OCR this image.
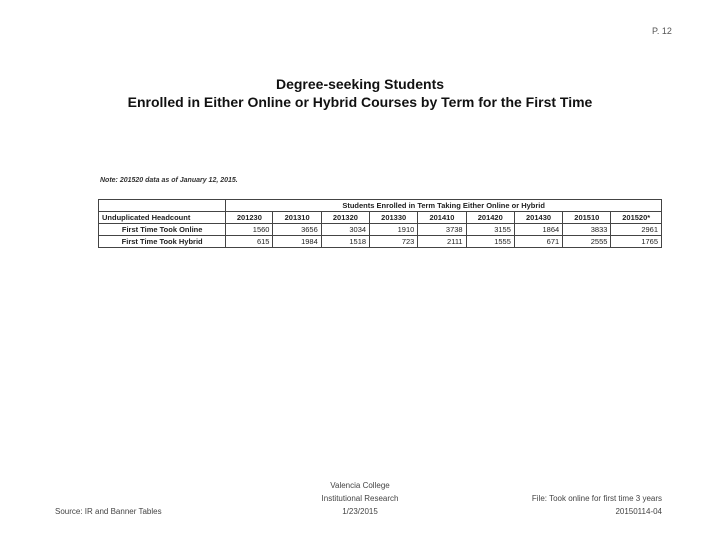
P. 12
Degree-seeking Students
Enrolled in Either Online or Hybrid Courses by Term for the First Time
Note: 201520 data as of January 12, 2015.
	Students Enrolled in Term Taking Either Online or Hybrid								
Unduplicated Headcount	201230	201310	201320	201330	201410	201420	201430	201510	201520*
First Time Took Online	1560	3656	3034	1910	3738	3155	1864	3833	2961
First Time Took Hybrid	615	1984	1518	723	2111	1555	671	2555	1765
Valencia College
Institutional Research
1/23/2015
Source: IR and Banner Tables
File: Took online for first time 3 years
20150114-04
